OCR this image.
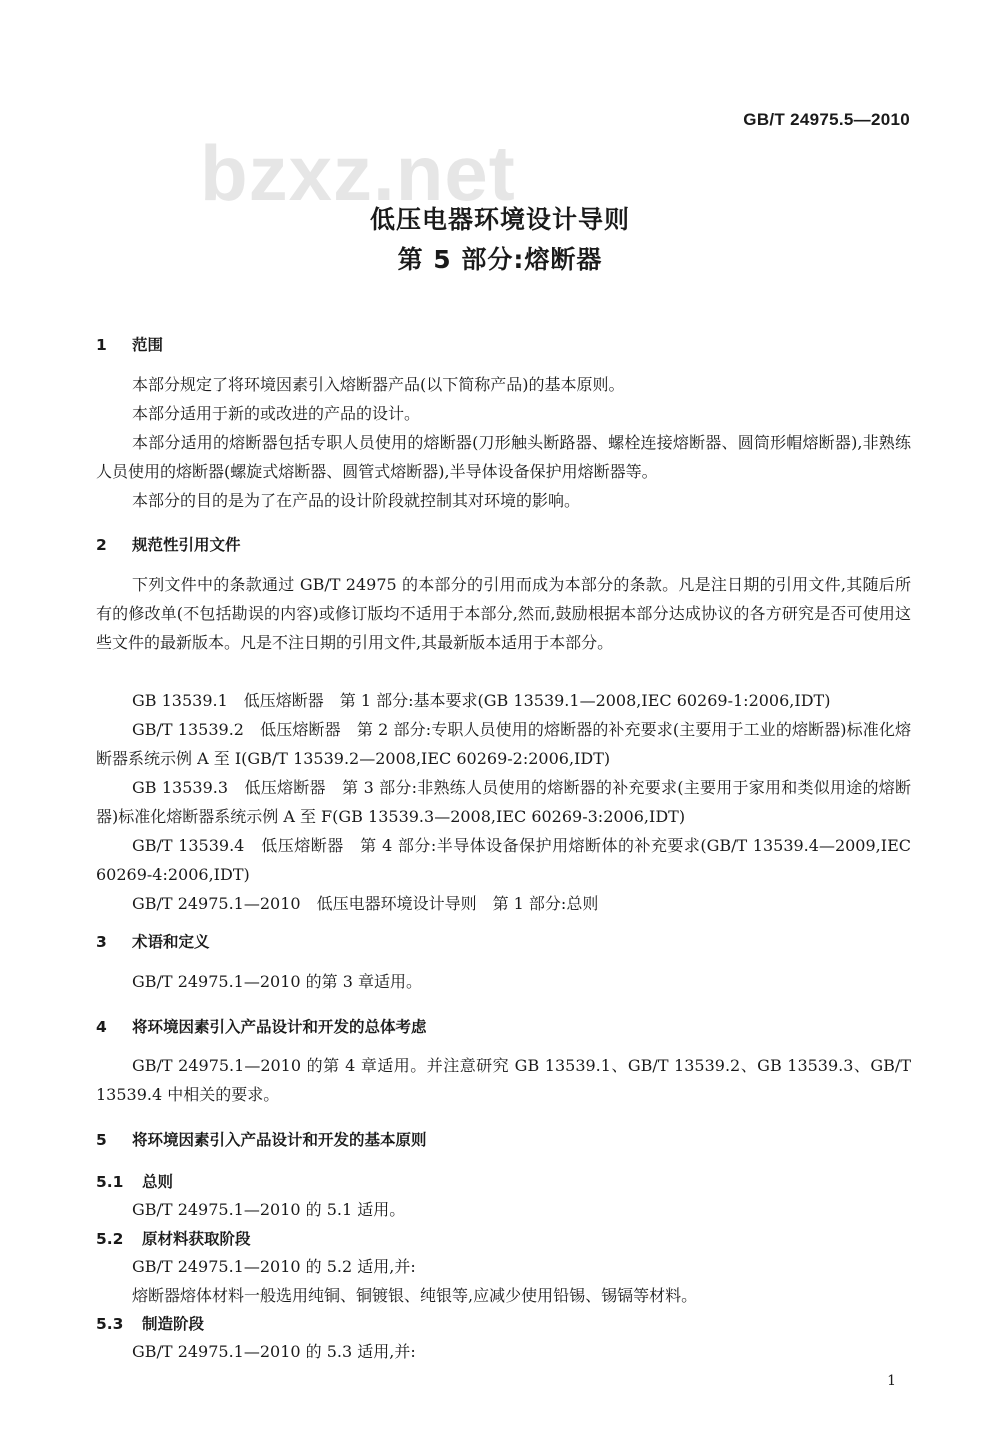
GB/T 24975.5—2010
bzxz.net
低压电器环境设计导则
第 5 部分:熔断器
1 范围
本部分规定了将环境因素引入熔断器产品(以下简称产品)的基本原则。
本部分适用于新的或改进的产品的设计。
本部分适用的熔断器包括专职人员使用的熔断器(刀形触头断路器、螺栓连接熔断器、圆筒形帽熔断器),非熟练人员使用的熔断器(螺旋式熔断器、圆管式熔断器),半导体设备保护用熔断器等。
本部分的目的是为了在产品的设计阶段就控制其对环境的影响。
2 规范性引用文件
下列文件中的条款通过 GB/T 24975 的本部分的引用而成为本部分的条款。凡是注日期的引用文件,其随后所有的修改单(不包括勘误的内容)或修订版均不适用于本部分,然而,鼓励根据本部分达成协议的各方研究是否可使用这些文件的最新版本。凡是不注日期的引用文件,其最新版本适用于本部分。
GB 13539.1　低压熔断器　第 1 部分:基本要求(GB 13539.1—2008,IEC 60269-1:2006,IDT)
GB/T 13539.2　低压熔断器　第 2 部分:专职人员使用的熔断器的补充要求(主要用于工业的熔断器)标准化熔断器系统示例 A 至 I(GB/T 13539.2—2008,IEC 60269-2:2006,IDT)
GB 13539.3　低压熔断器　第 3 部分:非熟练人员使用的熔断器的补充要求(主要用于家用和类似用途的熔断器)标准化熔断器系统示例 A 至 F(GB 13539.3—2008,IEC 60269-3:2006,IDT)
GB/T 13539.4　低压熔断器　第 4 部分:半导体设备保护用熔断体的补充要求(GB/T 13539.4—2009,IEC 60269-4:2006,IDT)
GB/T 24975.1—2010　低压电器环境设计导则　第 1 部分:总则
3 术语和定义
GB/T 24975.1—2010 的第 3 章适用。
4 将环境因素引入产品设计和开发的总体考虑
GB/T 24975.1—2010 的第 4 章适用。并注意研究 GB 13539.1、GB/T 13539.2、GB 13539.3、GB/T 13539.4 中相关的要求。
5 将环境因素引入产品设计和开发的基本原则
5.1 总则
GB/T 24975.1—2010 的 5.1 适用。
5.2 原材料获取阶段
GB/T 24975.1—2010 的 5.2 适用,并:
熔断器熔体材料一般选用纯铜、铜镀银、纯银等,应减少使用铅锡、锡镉等材料。
5.3 制造阶段
GB/T 24975.1—2010 的 5.3 适用,并:
1
